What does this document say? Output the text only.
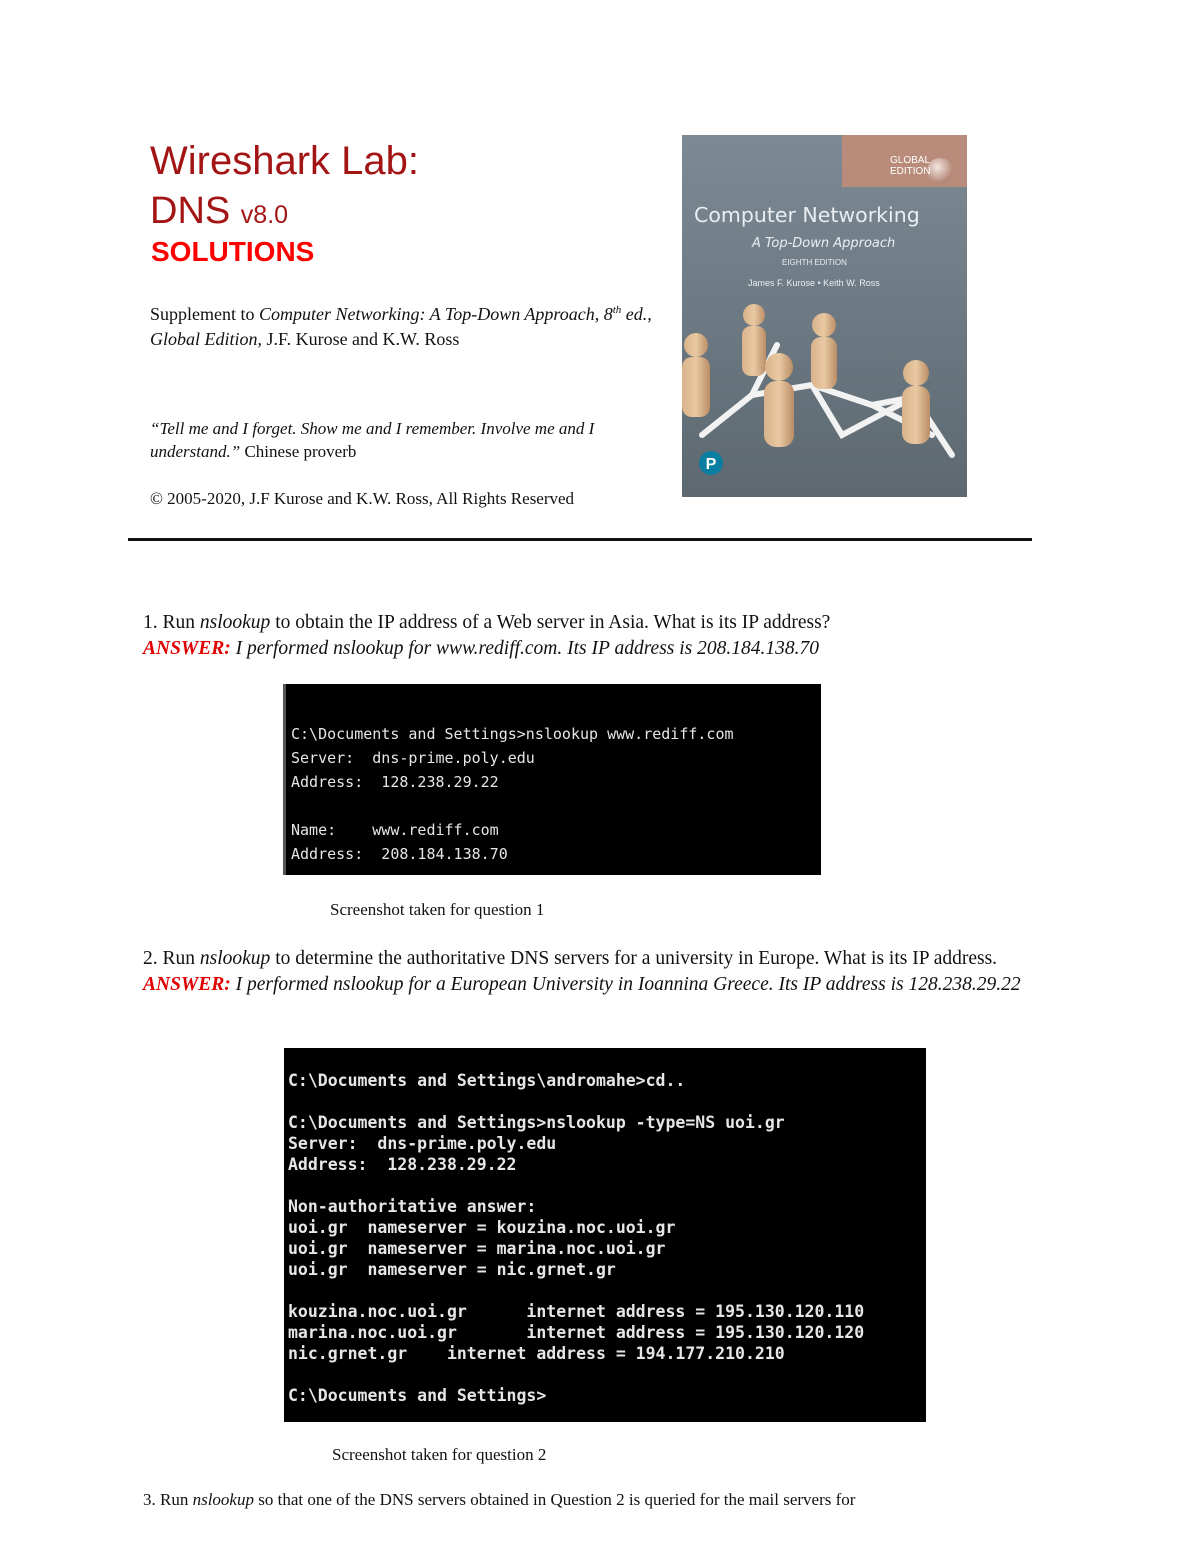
Wireshark Lab:
DNS v8.0
SOLUTIONS
Supplement to Computer Networking: A Top-Down Approach, 8th ed., Global Edition, J.F. Kurose and K.W. Ross
“Tell me and I forget. Show me and I remember. Involve me and I understand.” Chinese proverb
© 2005-2020, J.F Kurose and K.W. Ross, All Rights Reserved
P
GLOBAL EDITION
Computer Networking
A Top-Down Approach
EIGHTH EDITION
James F. Kurose • Keith W. Ross
1. Run nslookup to obtain the IP address of a Web server in Asia. What is its IP address?
ANSWER: I performed nslookup for www.rediff.com. Its IP address is 208.184.138.70
C:\Documents and Settings>nslookup www.rediff.com
Server:  dns-prime.poly.edu
Address:  128.238.29.22
Name:    www.rediff.com
Address:  208.184.138.70
Screenshot taken for question 1
2. Run nslookup to determine the authoritative DNS servers for a university in Europe. What is its IP address. ANSWER: I performed nslookup for a European University in Ioannina Greece. Its IP address is 128.238.29.22
C:\Documents and Settings\andromahe>cd..
C:\Documents and Settings>nslookup -type=NS uoi.gr
Server:  dns-prime.poly.edu
Address:  128.238.29.22
Non-authoritative answer:
uoi.gr  nameserver = kouzina.noc.uoi.gr
uoi.gr  nameserver = marina.noc.uoi.gr
uoi.gr  nameserver = nic.grnet.gr
kouzina.noc.uoi.gr      internet address = 195.130.120.110
marina.noc.uoi.gr       internet address = 195.130.120.120
nic.grnet.gr    internet address = 194.177.210.210
C:\Documents and Settings>
Screenshot taken for question 2
3. Run nslookup so that one of the DNS servers obtained in Question 2 is queried for the mail servers for
